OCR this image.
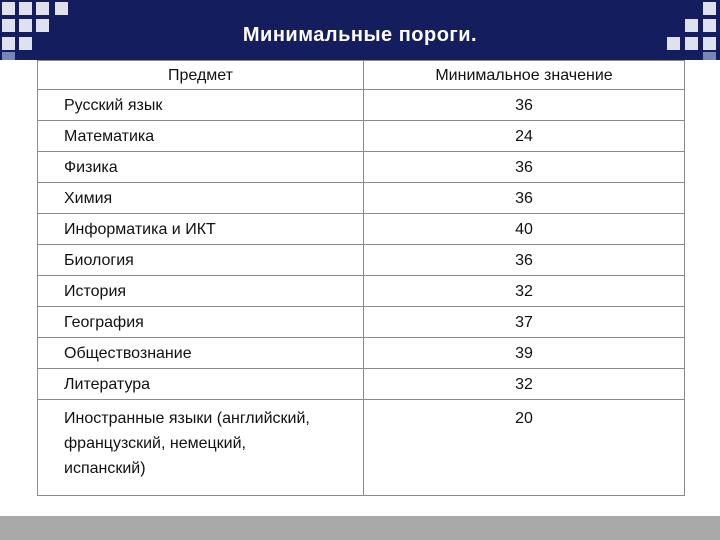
Минимальные пороги.
Предмет	Минимальное значение
Русский язык	36
Математика	24
Физика	36
Химия	36
Информатика и ИКТ	40
Биология	36
История	32
География	37
Обществознание	39
Литература	32

Иностранные языки (английский,
французский, немецкий,
испанский)	20
